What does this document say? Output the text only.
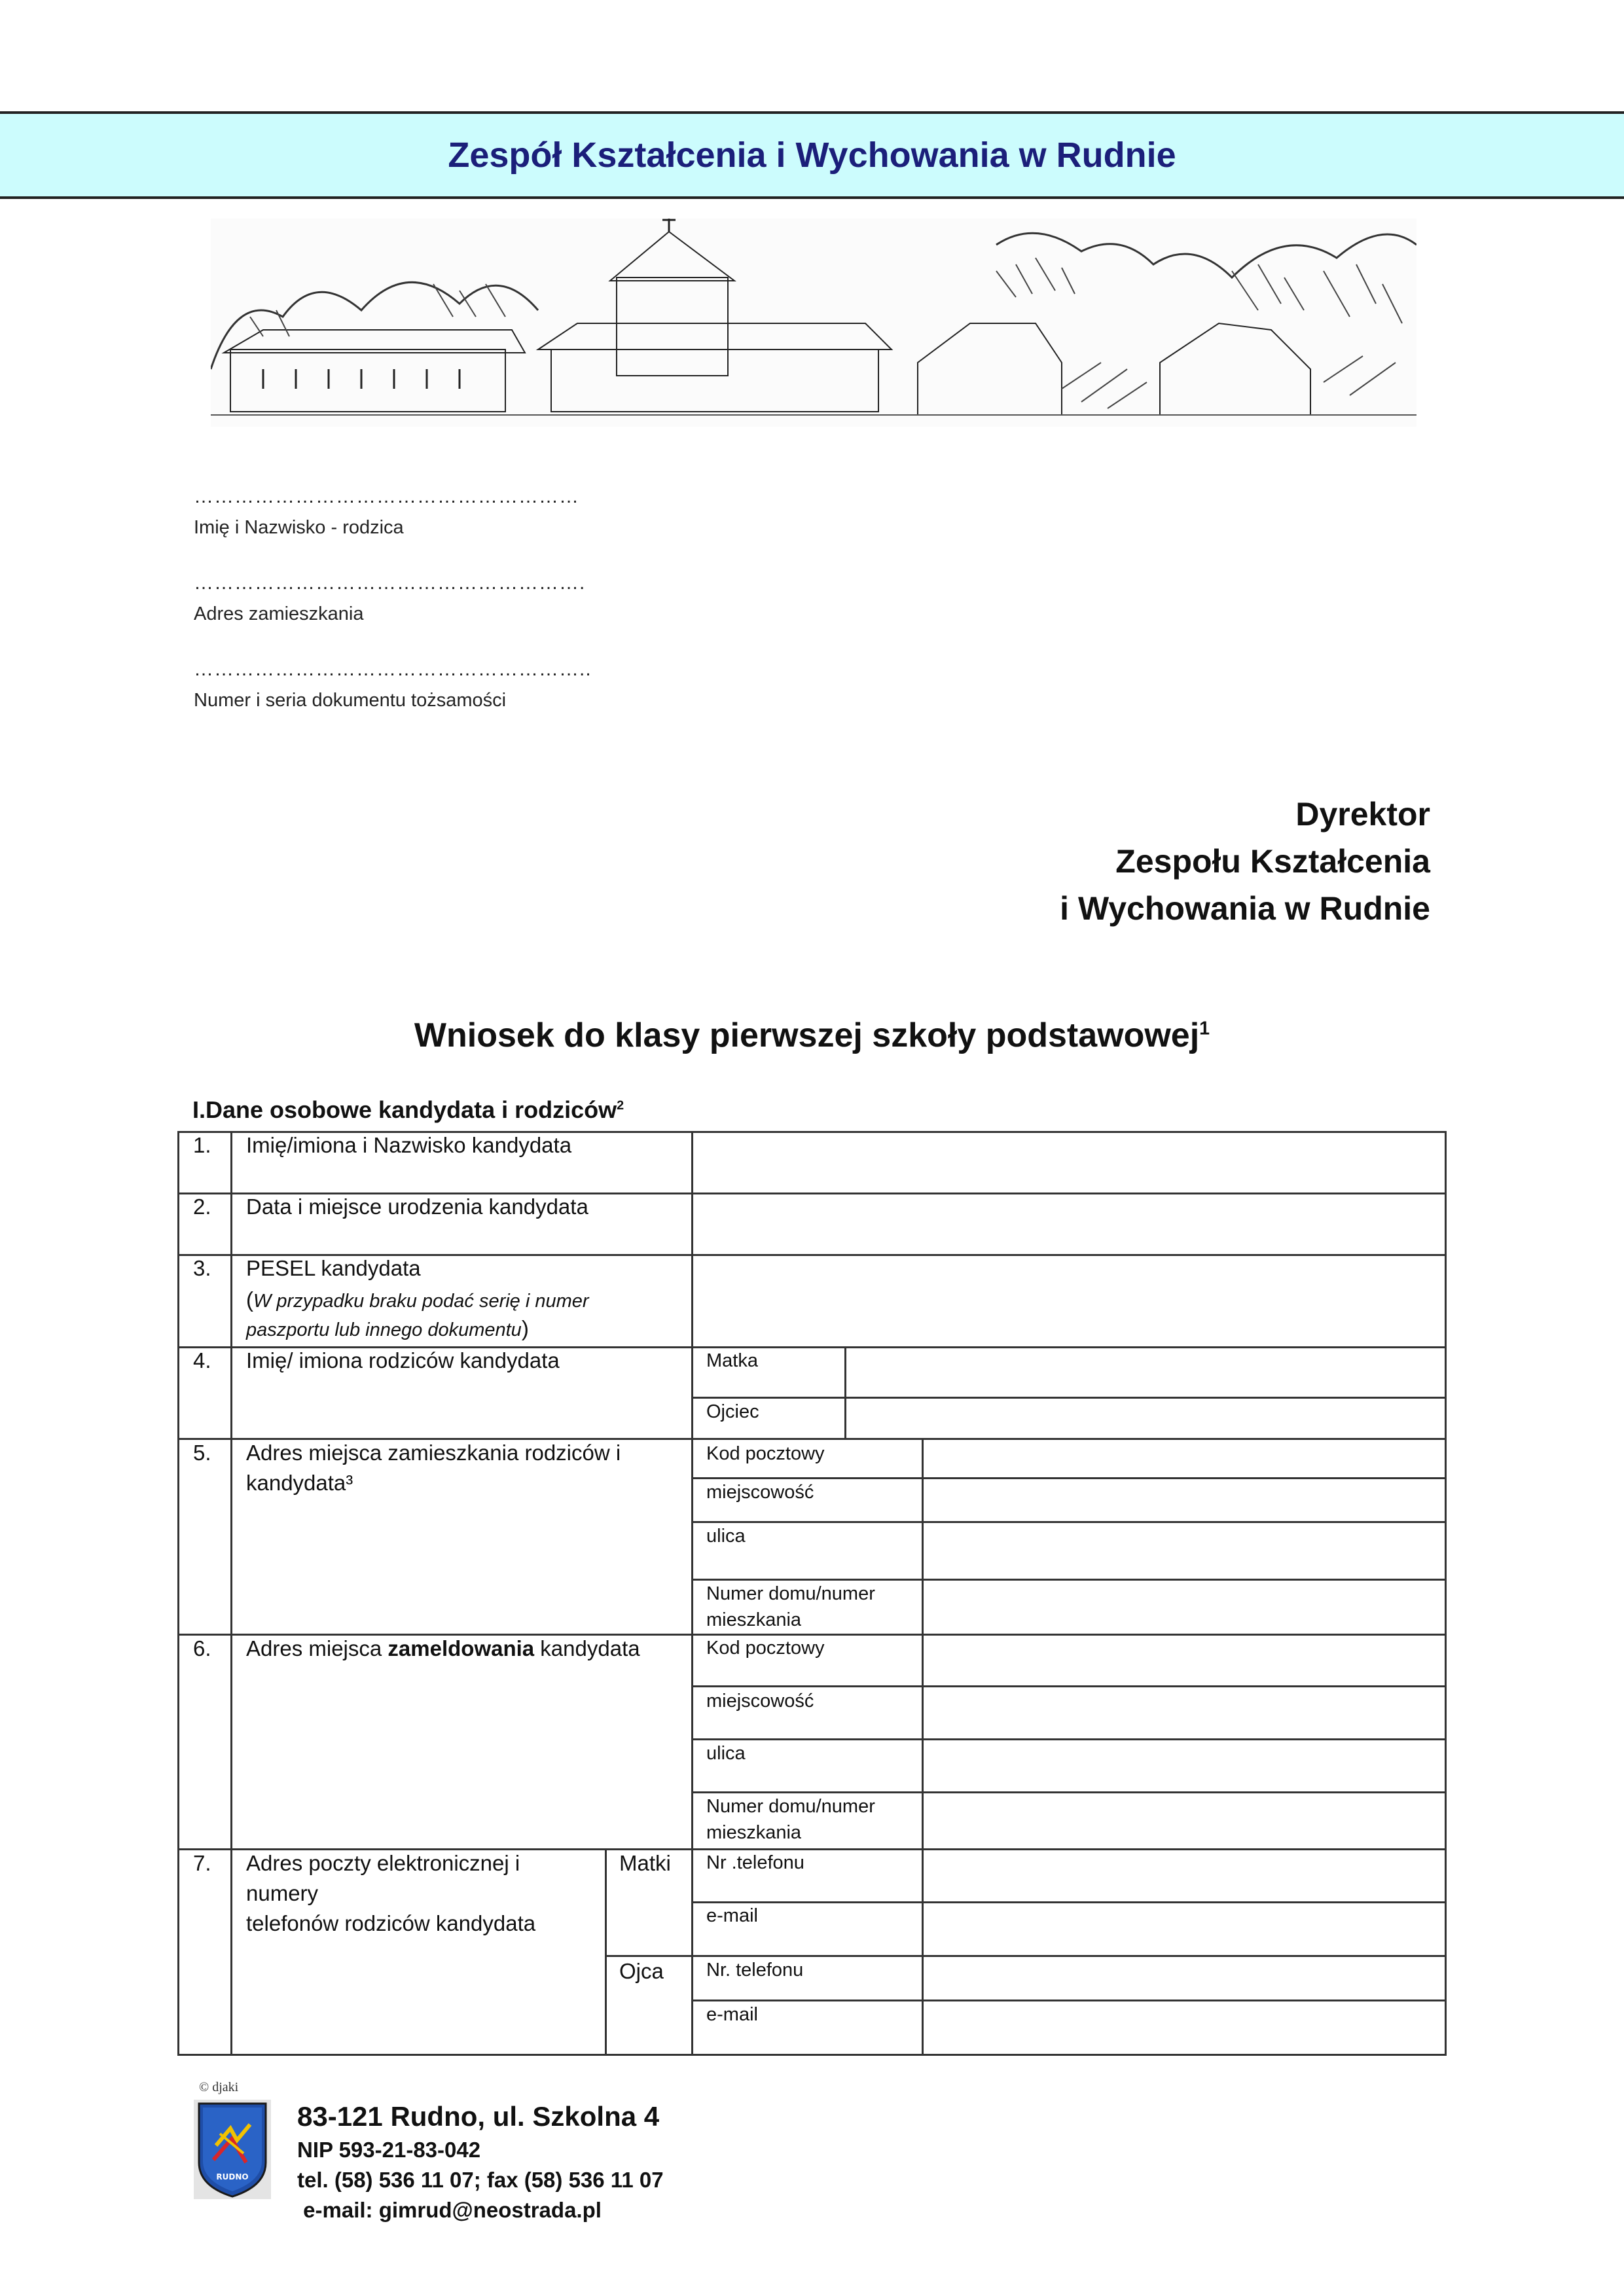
Zespół Kształcenia i Wychowania w Rudnie
…………………………………………………
Imię i Nazwisko - rodzica
………………………………………………….
Adres zamieszkania
…………………………………………………..
Numer i seria dokumentu tożsamości
Dyrektor
Zespołu Kształcenia
i Wychowania w Rudnie
Wniosek do klasy pierwszej szkoły podstawowej$^1$
I.Dane osobowe kandydata i rodziców$^2$
1. Imię/imiona i Nazwisko kandydata
2. Data i miejsce urodzenia kandydata
3. PESEL kandydata
(W przypadku braku podać serię i numer
paszportu lub innego dokumentu)
4. Imię/ imiona rodziców kandydata	Matka
Ojciec
5. Adres miejsca zamieszkania rodziców i
kandydata³
Kod pocztowy
miejscowość
ulica
Numer domu/numer
mieszkania
6. Adres miejsca zameldowania kandydata	Kod pocztowy
miejscowość
ulica
Numer domu/numer
mieszkania
7. Adres poczty elektronicznej i
numery
telefonów rodziców kandydata
Matki
Ojca
Nr .telefonu
e-mail
Nr. telefonu
e-mail
© djaki
RUDNO
83-121 Rudno, ul. Szkolna 4
NIP 593-21-83-042
tel. (58) 536 11 07; fax (58) 536 11 07
e-mail: gimrud@neostrada.pl
